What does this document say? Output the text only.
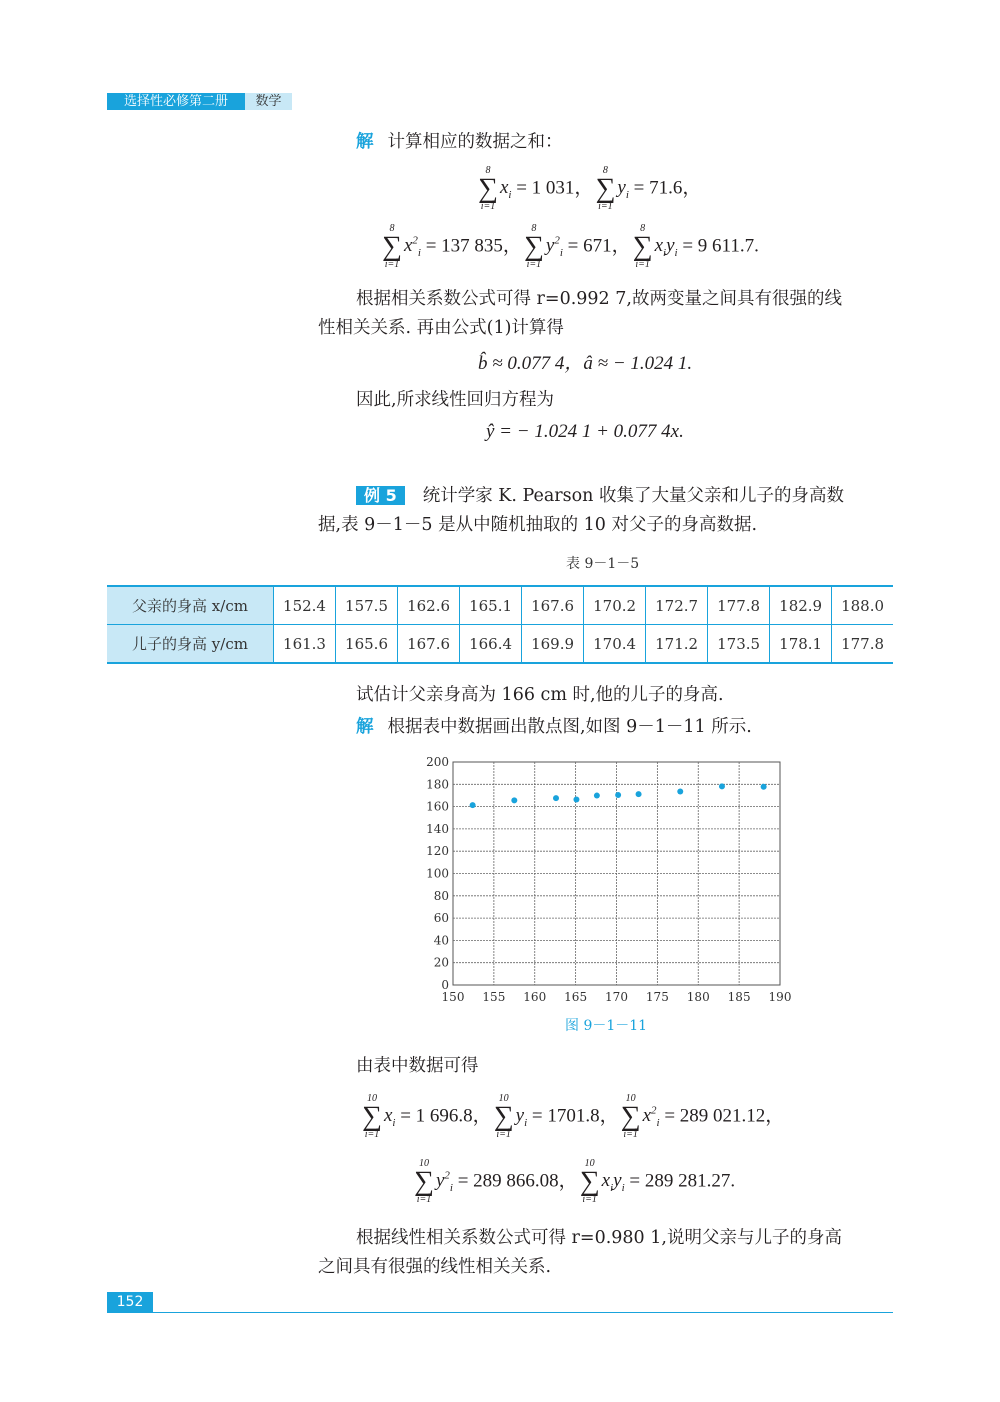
选择性必修第二册	数学
解 计算相应的数据之和：
8
∑
i=1
$x_i = 1$ 031，
8
∑
i=1
$y_i = 71.6$，
8
∑
i=1
$x^2_i = 137$ 835，
8
∑
i=1
$y^2_i = 671$，
8
∑
i=1
$x_iy_i = 9$ 611.7.
根据相关系数公式可得 r=0.992 7,故两变量之间具有很强的线
性相关关系. 再由公式(1)计算得
b̂ ≈ 0.077 4，â ≈ − 1.024 1.
因此,所求线性回归方程为
ŷ = − 1.024 1 + 0.077 4x.
例 5 统计学家 K. Pearson 收集了大量父亲和儿子的身高数
据,表 9－1－5 是从中随机抽取的 10 对父子的身高数据.
表 9－1－5
父亲的身高 x/cm	152.4	157.5	162.6	165.1	167.6	170.2	172.7	177.8	182.9	188.0
儿子的身高 y/cm	161.3	165.6	167.6	166.4	169.9	170.4	171.2	173.5	178.1	177.8
试估计父亲身高为 166 cm 时,他的儿子的身高.
解 根据表中数据画出散点图,如图 9－1－11 所示.
0
20
40
60
80
100
120
140
160
180
200
150 155 160 165 170 175 180 185 190
图 9－1－11
由表中数据可得
10
∑
i=1
$x_i = 1$ 696.8，
10
∑
i=1
$y_i = 1701.8$，
10
∑
i=1
$x^2_i = 289$ 021.12，
10
∑
i=1
$y^2_i = 289$ 866.08，
10
∑
i=1
$x_iy_i = 289$ 281.27.
根据线性相关系数公式可得 r=0.980 1,说明父亲与儿子的身高
之间具有很强的线性相关关系.
152
